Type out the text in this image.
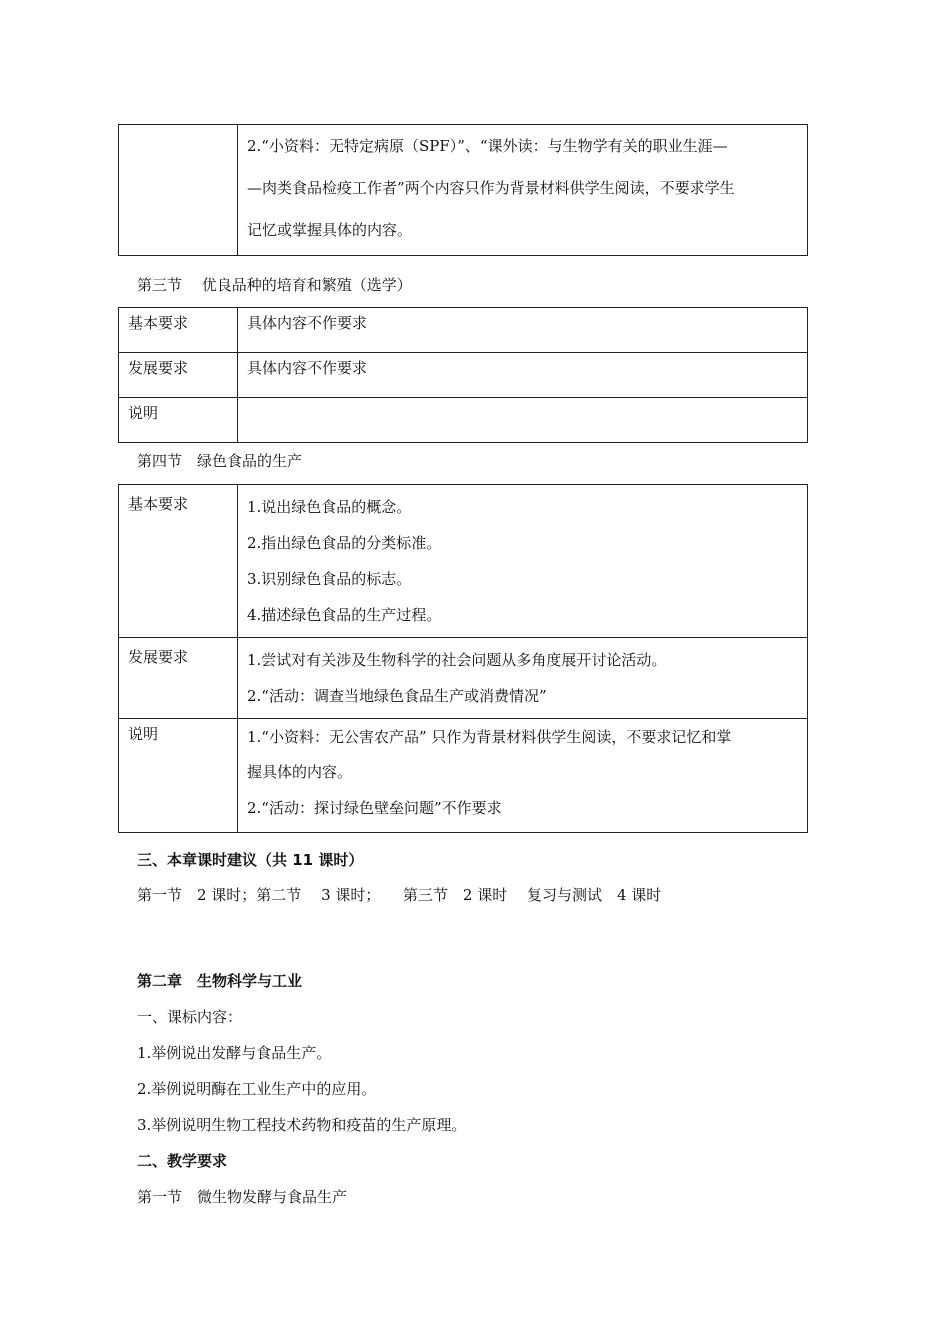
2.“小资料：无特定病原（SPF）”、“课外读：与生物学有关的职业生涯—
—肉类食品检疫工作者”两个内容只作为背景材料供学生阅读，不要求学生
记忆或掌握具体的内容。
第三节　 优良品种的培育和繁殖（选学）
基本要求	具体内容不作要求
发展要求	具体内容不作要求
说明	
第四节　绿色食品的生产
基本要求	1.说出绿色食品的概念。
2.指出绿色食品的分类标准。
3.识别绿色食品的标志。
4.描述绿色食品的生产过程。

发展要求	1.尝试对有关涉及生物科学的社会问题从多角度展开讨论活动。
2.“活动：调查当地绿色食品生产或消费情况”

说明	1.“小资料：无公害农产品” 只作为背景材料供学生阅读，不要求记忆和掌
握具体的内容。
2.“活动：探讨绿色壁垒问题”不作要求
三、本章课时建议（共 11 课时）
第一节　2 课时；第二节　 3 课时；　　第三节　2 课时　 复习与测试　4 课时
第二章　生物科学与工业
一、课标内容：
1.举例说出发酵与食品生产。
2.举例说明酶在工业生产中的应用。
3.举例说明生物工程技术药物和疫苗的生产原理。
二、教学要求
第一节　微生物发酵与食品生产
